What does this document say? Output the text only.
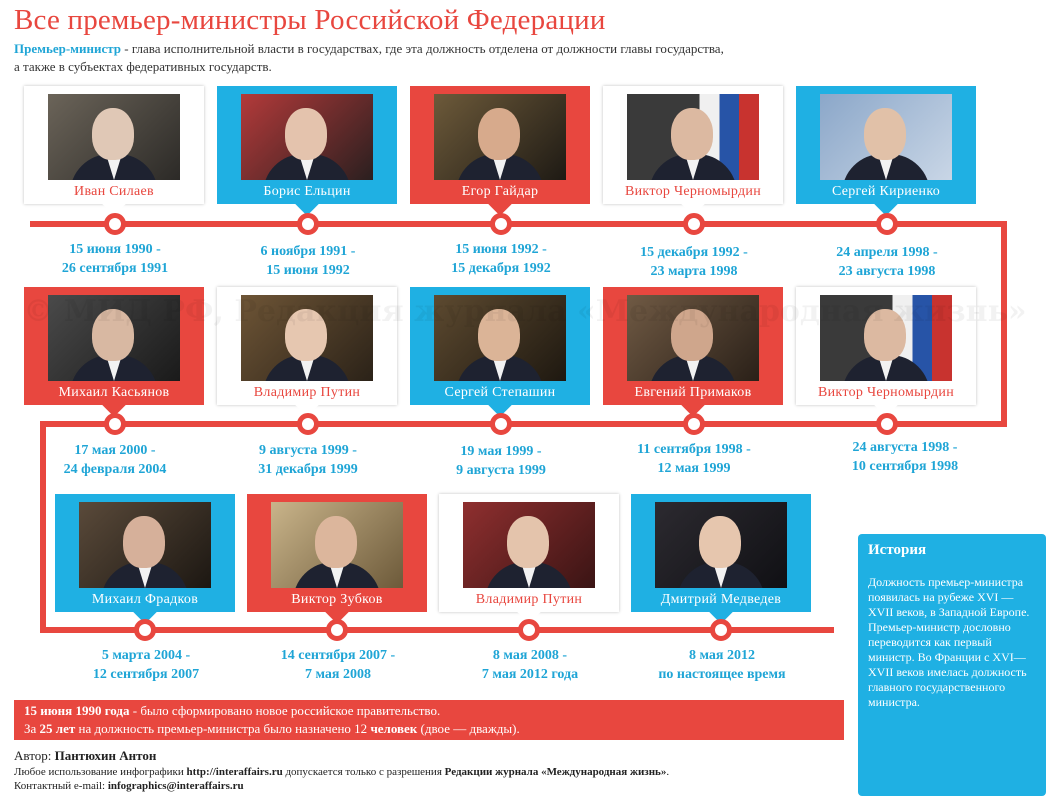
Все премьер-министры Российской Федерации
Премьер-министр - глава исполнительной власти в государствах, где эта должность отделена от должности главы государства,
а также в субъектах федеративных государств.
Иван Силаев	Борис Ельцин	Егор Гайдар	Виктор Черномырдин	Сергей Кириенко
15 июня 1990 -
26 сентября 1991
6 ноября 1991 -
15 июня 1992
15 июня 1992 -
15 декабря 1992
15 декабря 1992 -
23 марта 1998
24 апреля 1998 -
23 августа 1998
Михаил Касьянов	Владимир Путин	Сергей Степашин	Евгений Примаков	Виктор Черномырдин
17 мая 2000 -
24 февраля 2004
9 августа 1999 -
31 декабря 1999
19 мая 1999 -
9 августа 1999
11 сентября 1998 -
12 мая 1999
24 августа 1998 -
10 сентября 1998
Михаил Фрадков	Виктор Зубков	Владимир Путин	Дмитрий Медведев
5 марта 2004 -
12 сентября 2007
14 сентября 2007 -
7 мая 2008
8 мая 2008 -
7 мая 2012 года
8 мая 2012
по настоящее время
История
Должность премьер-министра появилась на рубеже XVI — XVII веков, в Западной Европе. Премьер-министр дословно переводится как первый министр. Во Франции с XVI—XVII веков имелась должность главного государственного министра.
15 июня 1990 года - было сформировано новое российское правительство.
За 25 лет на должность премьер-министра было назначено 12 человек (двое — дважды).
Автор: Пантюхин Антон
Любое использование инфографики http://interaffairs.ru допускается только с разрешения Редакции журнала «Международная жизнь».
Контактный e-mail: infographics@interaffairs.ru
